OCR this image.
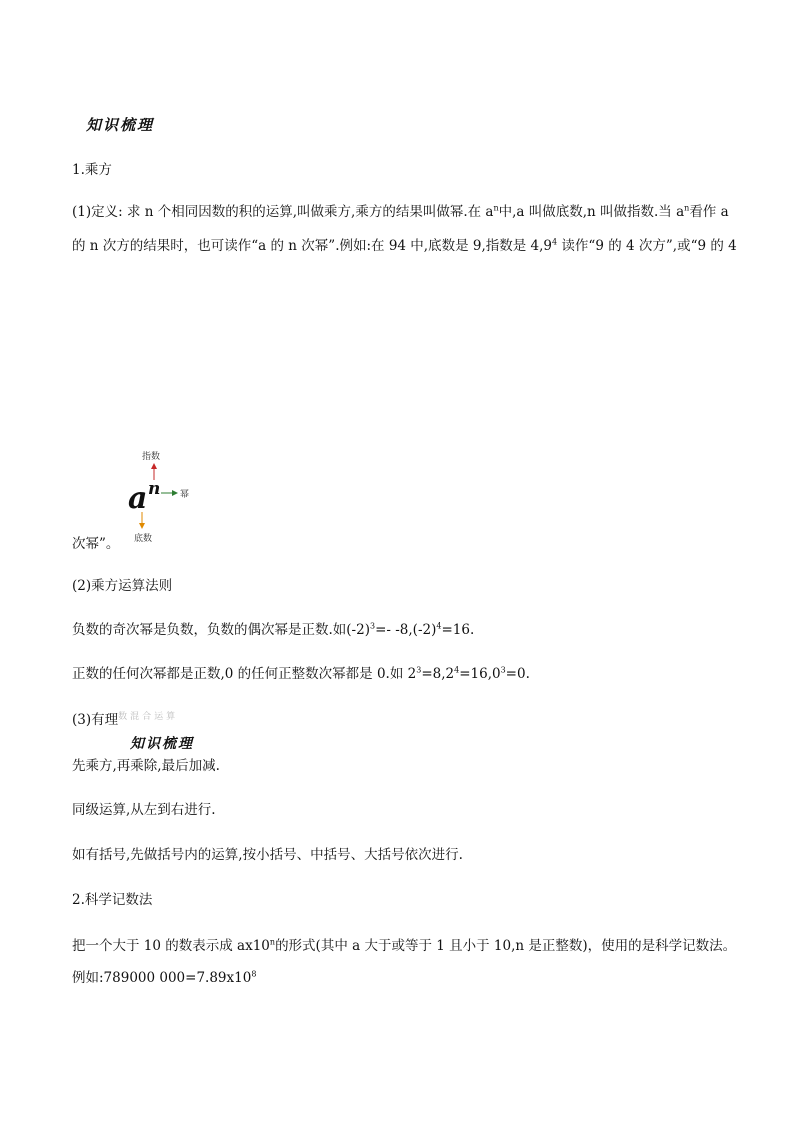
知识梳理
1.乘方
(1)定义: 求 n 个相同因数的积的运算,叫做乘方,乘方的结果叫做幂.在 $a^n$中,a 叫做底数,n 叫做指数.当 $a^n$看作 a
的 n 次方的结果时，也可读作“a 的 n 次幂”.例如:在 94 中,底数是 9,指数是 $4,9^4$ 读作“9 的 4 次方”,或“9 的 4
指数
a n 幂
底数
次幂”。
(2)乘方运算法则
负数的奇次幂是负数，负数的偶次幂是正数.如$(-2)^3=-$ $-8,(-2)^4=16$.
正数的任何次幂都是正数,0 的任何正整数次幂都是 0.如 $2^3=8,2^4=16,0^3=0$.
(3)有理$^{数混合运算}$
知识梳理
先乘方,再乘除,最后加减.
同级运算,从左到右进行.
如有括号,先做括号内的运算,按小括号、中括号、大括号依次进行.
2.科学记数法
把一个大于 10 的数表示成 ax10$^n$的形式(其中 a 大于或等于 1 且小于 10,n 是正整数)，使用的是科学记数法。
例如:789000 $000=7.89x10^8$
